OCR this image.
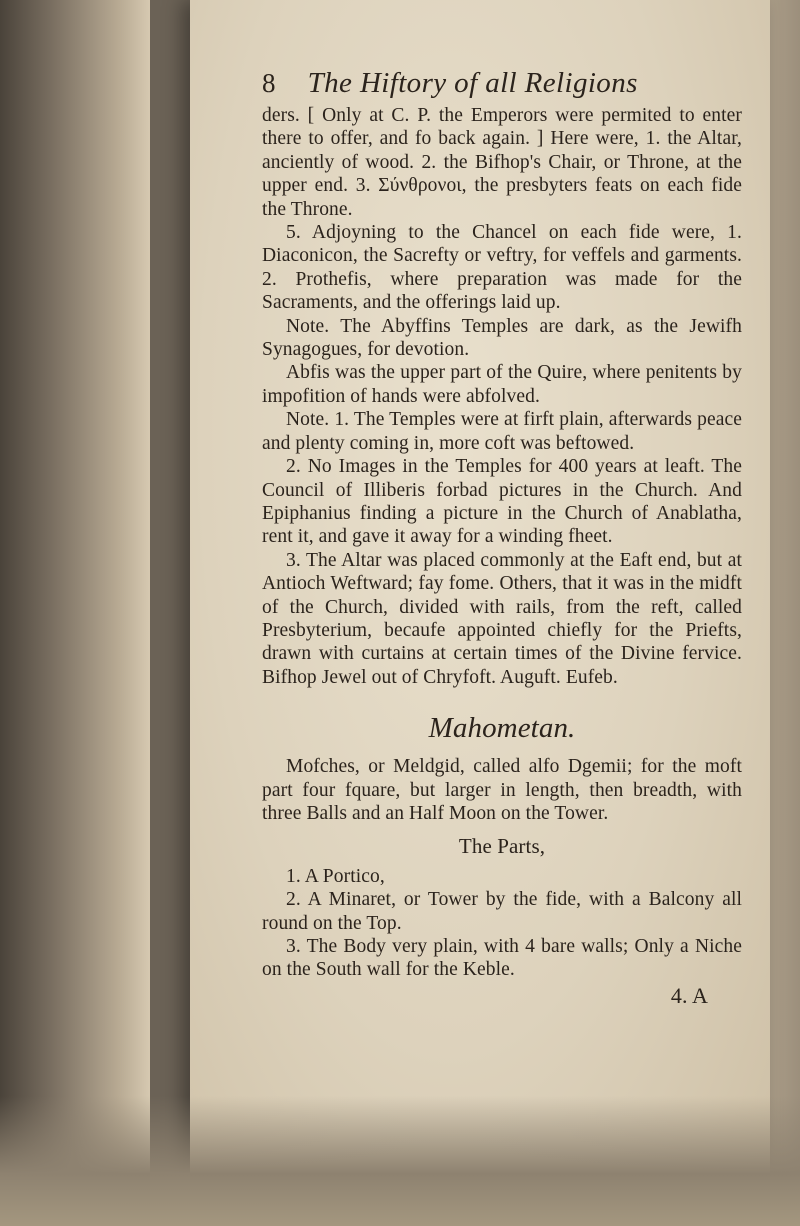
8 The Hiftory of all Religions

ders. [ Only at C. P. the Emperors were permited to enter there to offer, and fo back again. ] Here were, 1. the Altar, anciently of wood. 2. the Bifhop's Chair, or Throne, at the upper end. 3. Σύνθρονοι, the presbyters feats on each fide the Throne.

5. Adjoyning to the Chancel on each fide were, 1. Diaconicon, the Sacrefty or veftry, for veffels and garments. 2. Prothefis, where preparation was made for the Sacraments, and the offerings laid up.

Note. The Abyffins Temples are dark, as the Jewifh Synagogues, for devotion.

Abfis was the upper part of the Quire, where penitents by impofition of hands were abfolved.

Note. 1. The Temples were at firft plain, afterwards peace and plenty coming in, more coft was beftowed.

2. No Images in the Temples for 400 years at leaft. The Council of Illiberis forbad pictures in the Church. And Epiphanius finding a picture in the Church of Anablatha, rent it, and gave it away for a winding fheet.

3. The Altar was placed commonly at the Eaft end, but at Antioch Weftward; fay fome. Others, that it was in the midft of the Church, divided with rails, from the reft, called Presbyterium, becaufe appointed chiefly for the Priefts, drawn with curtains at certain times of the Divine fervice. Bifhop Jewel out of Chryfoft. Auguft. Eufeb.

Mahometan.

Mofches, or Meldgid, called alfo Dgemii; for the moft part four fquare, but larger in length, then breadth, with three Balls and an Half Moon on the Tower.

The Parts,

1. A Portico,

2. A Minaret, or Tower by the fide, with a Balcony all round on the Top.

3. The Body very plain, with 4 bare walls; Only a Niche on the South wall for the Keble.

4. A
